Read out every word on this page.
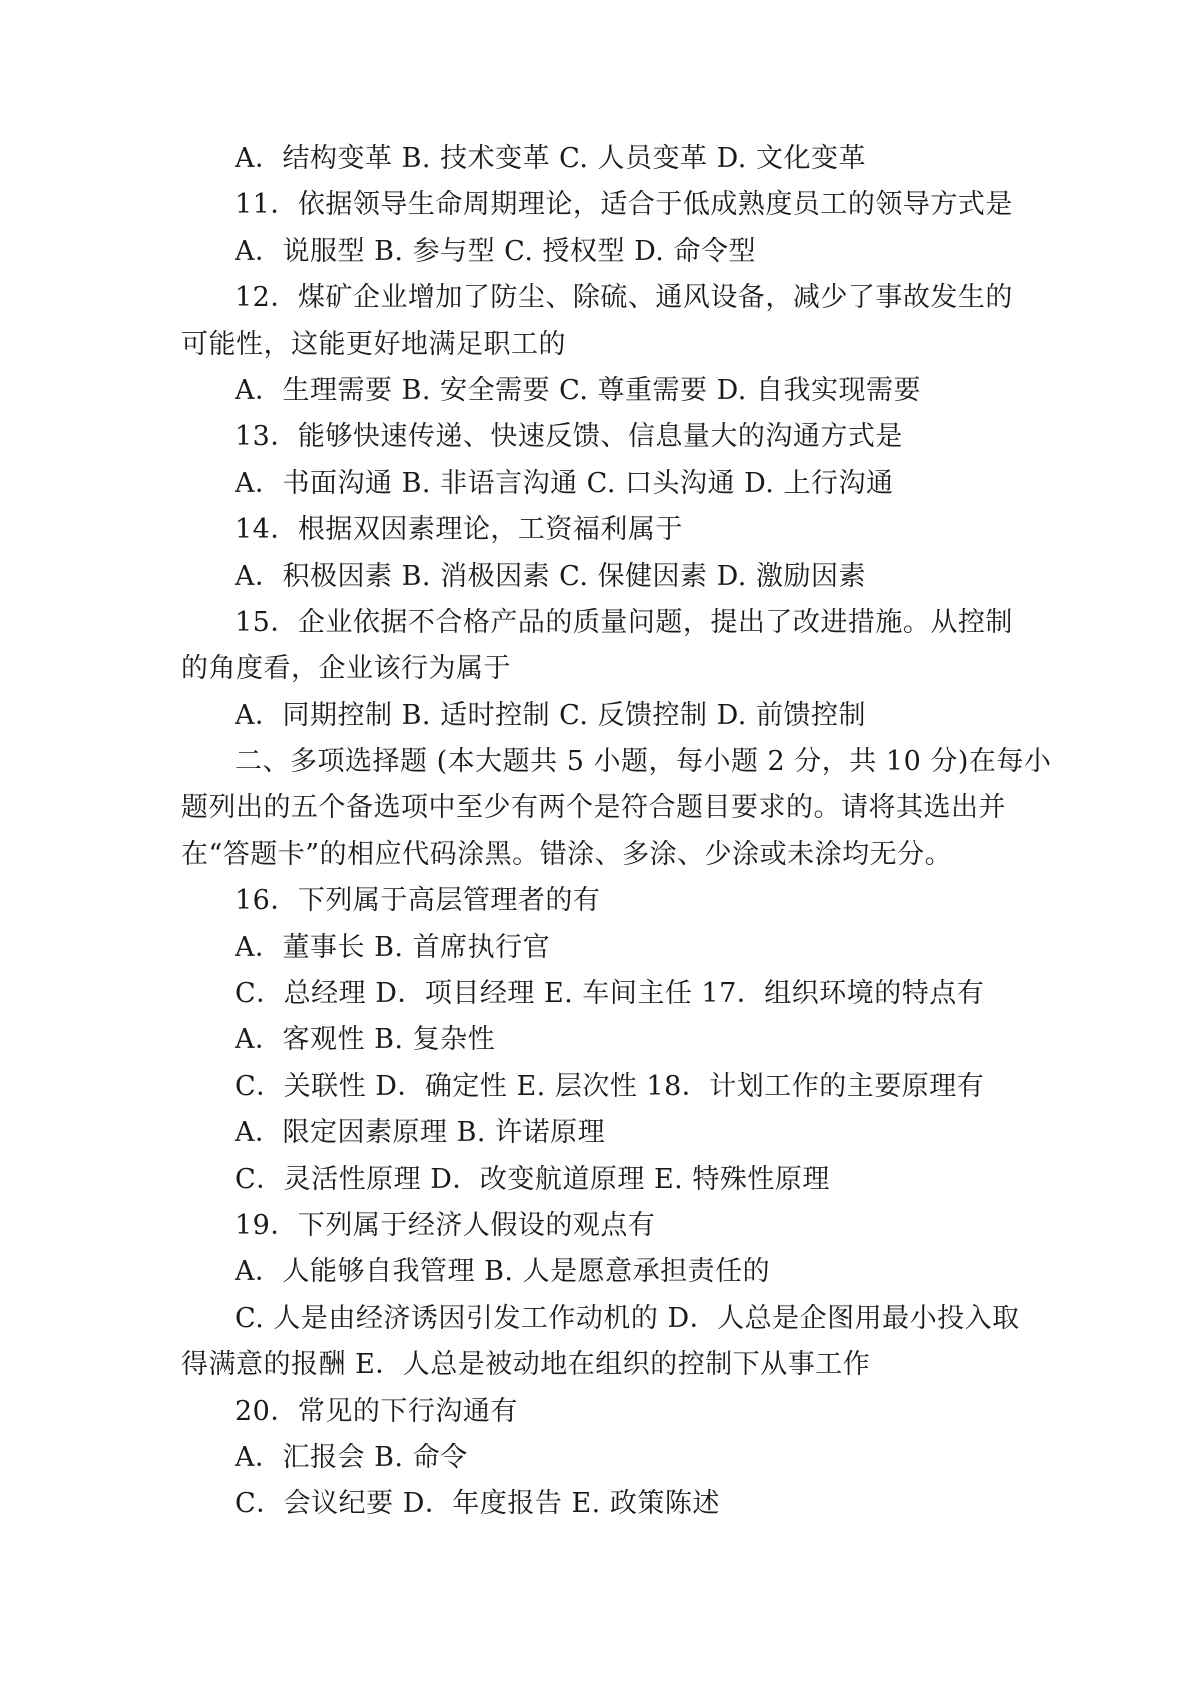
A．结构变革 B. 技术变革 C. 人员变革 D. 文化变革
11．依据领导生命周期理论，适合于低成熟度员工的领导方式是
A．说服型 B. 参与型 C. 授权型 D. 命令型
12．煤矿企业增加了防尘、除硫、通风设备，减少了事故发生的
可能性，这能更好地满足职工的
A．生理需要 B. 安全需要 C. 尊重需要 D. 自我实现需要
13．能够快速传递、快速反馈、信息量大的沟通方式是
A．书面沟通 B. 非语言沟通 C. 口头沟通 D. 上行沟通
14．根据双因素理论，工资福利属于
A．积极因素 B. 消极因素 C. 保健因素 D. 激励因素
15．企业依据不合格产品的质量问题，提出了改进措施。从控制
的角度看，企业该行为属于
A．同期控制 B. 适时控制 C. 反馈控制 D. 前馈控制
二、多项选择题 (本大题共 5 小题，每小题 2 分，共 10 分)在每小
题列出的五个备选项中至少有两个是符合题目要求的。请将其选出并
在“答题卡”的相应代码涂黑。错涂、多涂、少涂或未涂均无分。
16．下列属于高层管理者的有
A．董事长 B. 首席执行官
C．总经理 D．项目经理 E. 车间主任 17．组织环境的特点有
A．客观性 B. 复杂性
C．关联性 D．确定性 E. 层次性 18．计划工作的主要原理有
A．限定因素原理 B. 许诺原理
C．灵活性原理 D．改变航道原理 E. 特殊性原理
19．下列属于经济人假设的观点有
A．人能够自我管理 B. 人是愿意承担责任的
C. 人是由经济诱因引发工作动机的 D．人总是企图用最小投入取
得满意的报酬 E．人总是被动地在组织的控制下从事工作
20．常见的下行沟通有
A．汇报会 B. 命令
C．会议纪要 D．年度报告 E. 政策陈述
